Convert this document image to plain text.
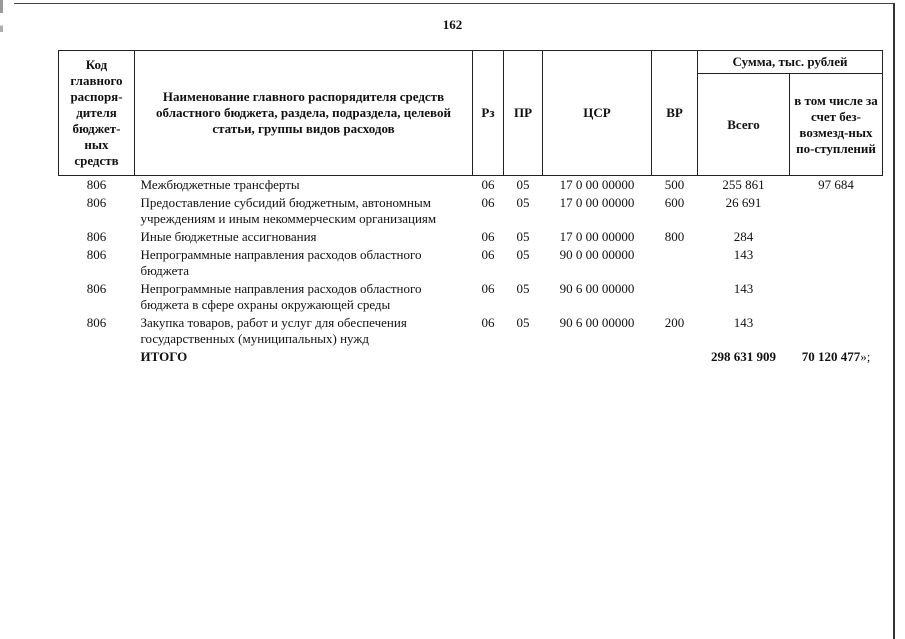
162
Код главного распоря-дителя бюджет-ных средств	Наименование главного распорядителя средств областного бюджета, раздела, подраздела, целевой статьи, группы видов расходов	Рз	ПР	ЦСР	ВР	Сумма, тыс. рублей	
						Всего	в том числе за счет без-возмезд-ных по-ступлений
806	Межбюджетные трансферты	06	05	17 0 00 00000	500	255 861	97 684
806	Предоставление субсидий бюджетным, автономным учреждениям и иным некоммерческим организациям	06	05	17 0 00 00000	600	26 691	
806	Иные бюджетные ассигнования	06	05	17 0 00 00000	800	284	
806	Непрограммные направления расходов областного бюджета	06	05	90 0 00 00000		143	
806	Непрограммные направления расходов областного бюджета в сфере охраны окружающей среды	06	05	90 6 00 00000		143	
806	Закупка товаров, работ и услуг для обеспечения государственных (муниципальных) нужд	06	05	90 6 00 00000	200	143	
	ИТОГО					298 631 909	70 120 477»;
